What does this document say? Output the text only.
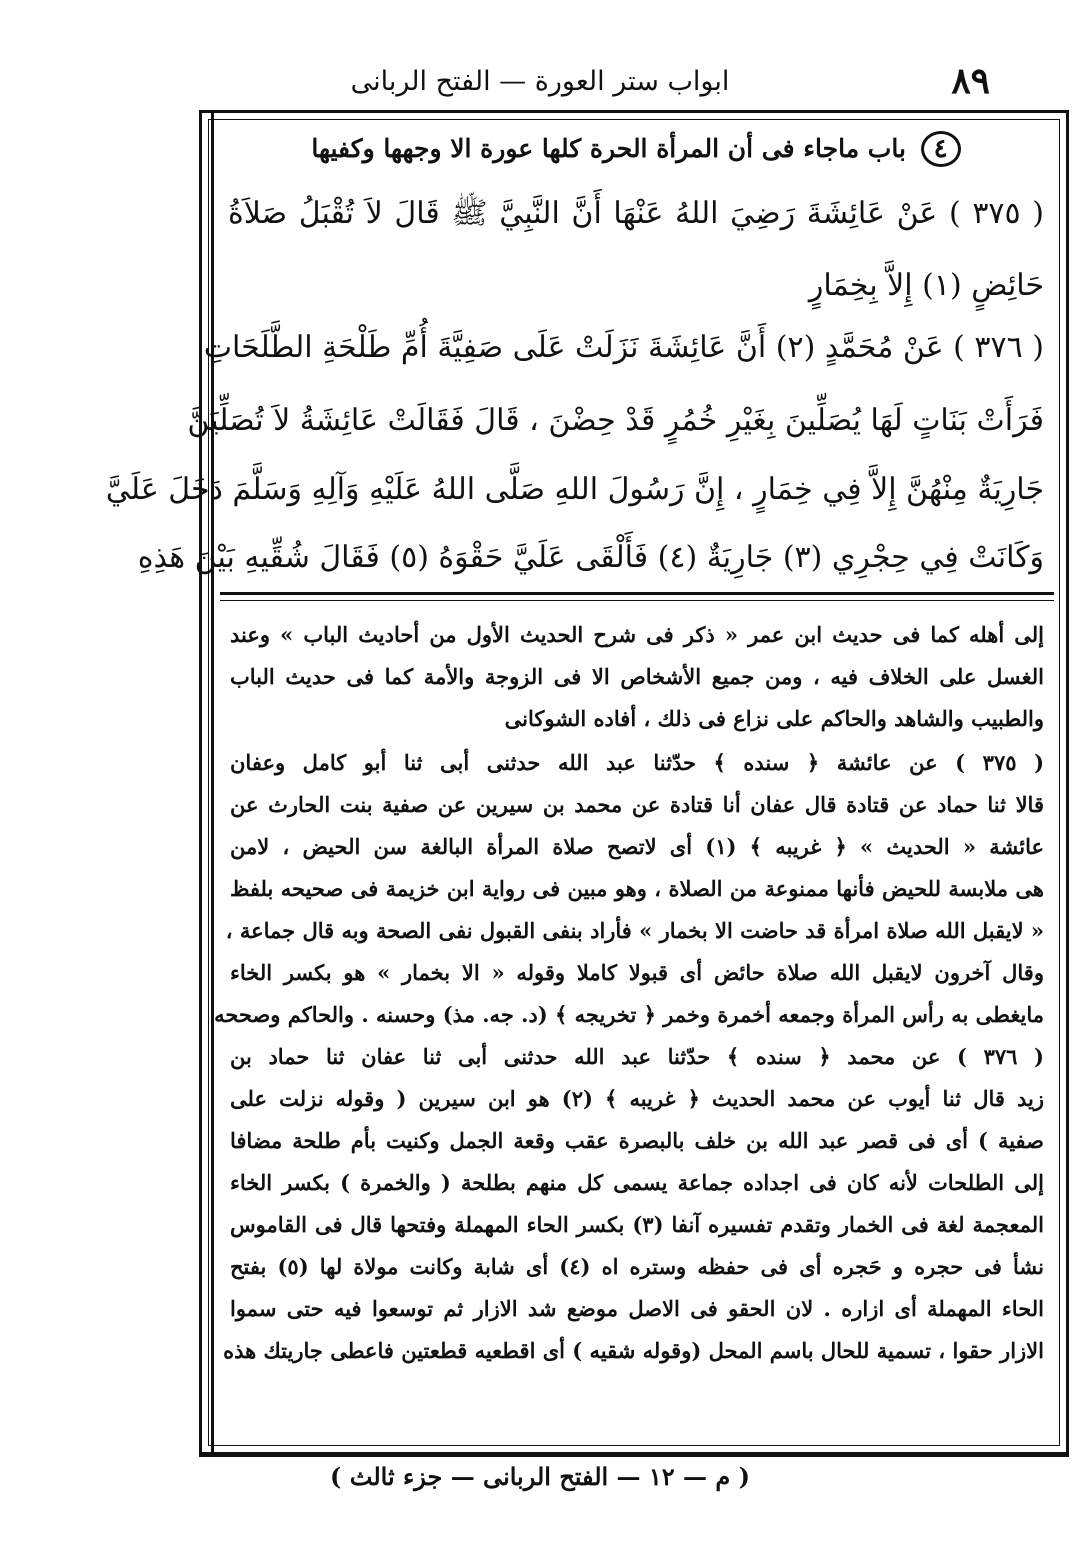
٨٩
ابواب ستر العورة — الفتح الربانى
٤ باب ماجاء فى أن المرأة الحرة كلها عورة الا وجهها وكفيها
( ٣٧٥ ) عَنْ عَائِشَةَ رَضِيَ اللهُ عَنْهَا أَنَّ النَّبِيَّ ﷺ قَالَ لاَ تُقْبَلُ صَلاَةُ
حَائِضٍ (١) إِلاَّ بِخِمَارٍ
( ٣٧٦ ) عَنْ مُحَمَّدٍ (٢) أَنَّ عَائِشَةَ نَزَلَتْ عَلَى صَفِيَّةَ أُمِّ طَلْحَةِ الطَّلَحَاتِ
فَرَأَتْ بَنَاتٍ لَهَا يُصَلِّينَ بِغَيْرِ خُمُرٍ قَدْ حِضْنَ ، قَالَ فَقَالَتْ عَائِشَةُ لاَ تُصَلِّيَنَّ
جَارِيَةٌ مِنْهُنَّ إِلاَّ فِي خِمَارٍ ، إِنَّ رَسُولَ اللهِ صَلَّى اللهُ عَلَيْهِ وَآلِهِ وَسَلَّمَ دَخَلَ عَلَيَّ
وَكَانَتْ فِي حِجْرِي (٣) جَارِيَةٌ (٤) فَأَلْقَى عَلَيَّ حَقْوَهُ (٥) فَقَالَ شُقِّيهِ بَيْنَ هَذِهِ
إلى أهله كما فى حديث ابن عمر « ذكر فى شرح الحديث الأول من أحاديث الباب » وعند
الغسل على الخلاف فيه ، ومن جميع الأشخاص الا فى الزوجة والأمة كما فى حديث الباب
والطبيب والشاهد والحاكم على نزاع فى ذلك ، أفاده الشوكانى
( ٣٧٥ ) عن عائشة ﴿ سنده ﴾ حدّثنا عبد الله حدثنى أبى ثنا أبو كامل وعفان
قالا ثنا حماد عن قتادة قال عفان أنا قتادة عن محمد بن سيرين عن صفية بنت الحارث عن
عائشة « الحديث » ﴿ غريبه ﴾ (١) أى لاتصح صلاة المرأة البالغة سن الحيض ، لامن
هى ملابسة للحيض فأنها ممنوعة من الصلاة ، وهو مبين فى رواية ابن خزيمة فى صحيحه بلفظ
« لايقبل الله صلاة امرأة قد حاضت الا بخمار » فأراد بنفى القبول نفى الصحة وبه قال جماعة ،
وقال آخرون لايقبل الله صلاة حائض أى قبولا كاملا وقوله « الا بخمار » هو بكسر الخاء
مايغطى به رأس المرأة وجمعه أخمرة وخمر ﴿ تخريجه ﴾ (د. جه. مذ) وحسنه . والحاكم وصححه
( ٣٧٦ ) عن محمد ﴿ سنده ﴾ حدّثنا عبد الله حدثنى أبى ثنا عفان ثنا حماد بن
زيد قال ثنا أيوب عن محمد الحديث ﴿ غريبه ﴾ (٢) هو ابن سيرين ( وقوله نزلت على
صفية ) أى فى قصر عبد الله بن خلف بالبصرة عقب وقعة الجمل وكنيت بأم طلحة مضافا
إلى الطلحات لأنه كان فى اجداده جماعة يسمى كل منهم بطلحة ( والخمرة ) بكسر الخاء
المعجمة لغة فى الخمار وتقدم تفسيره آنفا (٣) بكسر الحاء المهملة وفتحها قال فى القاموس
نشأ فى حجره و حَجره أى فى حفظه وستره اه (٤) أى شابة وكانت مولاة لها (٥) بفتح
الحاء المهملة أى ازاره . لان الحقو فى الاصل موضع شد الازار ثم توسعوا فيه حتى سموا
الازار حقوا ، تسمية للحال باسم المحل (وقوله شقيه ) أى اقطعيه قطعتين فاعطى جاريتك هذه
( م — ١٢ — الفتح الربانى — جزء ثالث )
